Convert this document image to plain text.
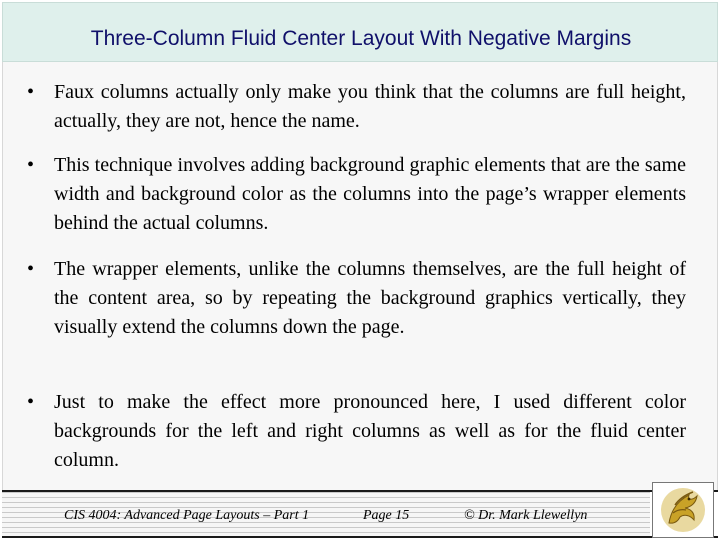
Three-Column Fluid Center Layout With Negative Margins
• Faux columns actually only make you think that the columns are full height, actually, they are not, hence the name.

• This technique involves adding background graphic elements that are the same width and background color as the columns into the page’s wrapper elements behind the actual columns.

• The wrapper elements, unlike the columns themselves, are the full height of the content area, so by repeating the background graphics vertically, they visually extend the columns down the page.

• Just to make the effect more pronounced here, I used different color backgrounds for the left and right columns as well as for the fluid center column.

CIS 4004: Advanced Page Layouts – Part 1	Page 15	© Dr. Mark Llewellyn
